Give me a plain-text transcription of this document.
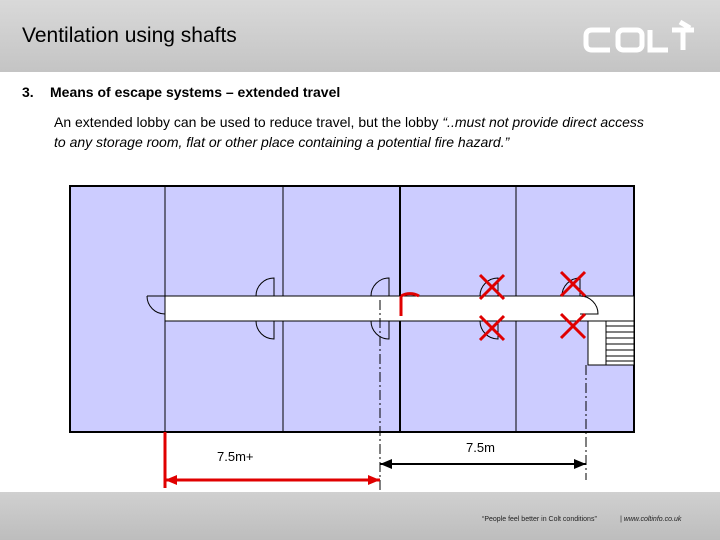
Ventilation using shafts
3. Means of escape systems – extended travel
An extended lobby can be used to reduce travel, but the lobby “..must not provide direct access to any storage room, flat or other place containing a potential fire hazard.”
7.5m+
7.5m
“People feel better in Colt conditions”	| www.coltinfo.co.uk
